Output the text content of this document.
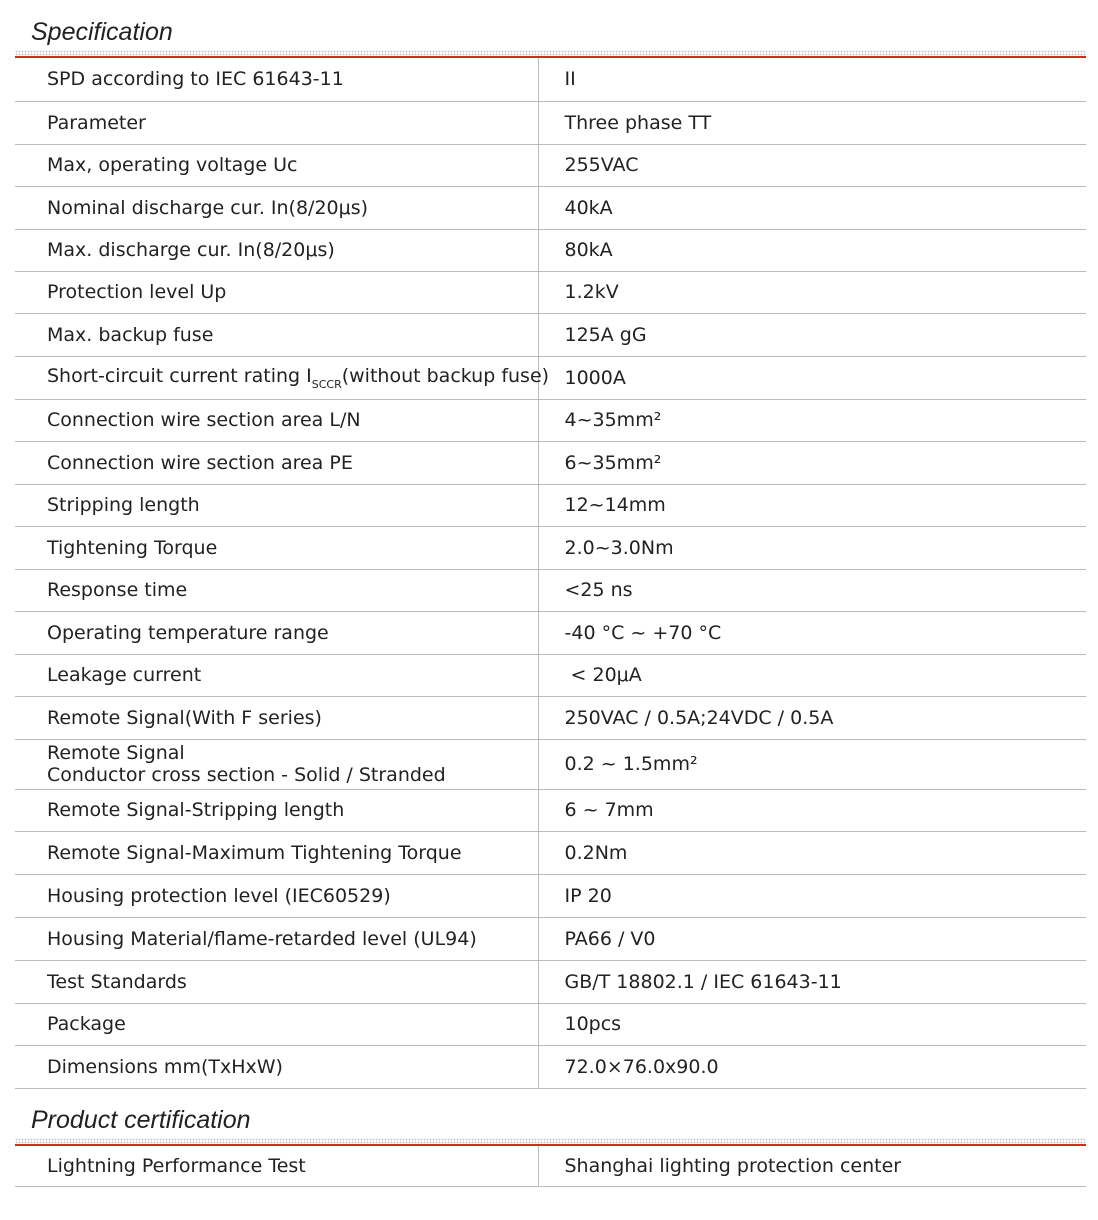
Specification
SPD according to IEC 61643-11	II
Parameter	Three phase TT
Max, operating voltage Uc	255VAC
Nominal discharge cur. In(8/20μs)	40kA
Max. discharge cur. In(8/20μs)	80kA
Protection level Up	1.2kV
Max. backup fuse	125A gG
Short-circuit current rating $I_{SCCR}(without$ backup fuse)	1000A
Connection wire section area L/N	4~35mm²
Connection wire section area PE	6~35mm²
Stripping length	12~14mm
Tightening Torque	2.0~3.0Nm
Response time	<25 ns
Operating temperature range	-40 °C ~ +70 °C
Leakage current	< 20μA
Remote Signal(With F series)	250VAC / 0.5A;24VDC / 0.5A

Remote Signal
Conductor cross section - Solid / Stranded	0.2 ~ 1.5mm²
Remote Signal-Stripping length	6 ~ 7mm
Remote Signal-Maximum Tightening Torque	0.2Nm
Housing protection level (IEC60529)	IP 20
Housing Material/flame-retarded level (UL94)	PA66 / V0
Test Standards	GB/T 18802.1 / IEC 61643-11
Package	10pcs
Dimensions mm(TxHxW)	72.0×76.0x90.0
Product certification
Lightning Performance Test	Shanghai lighting protection center
